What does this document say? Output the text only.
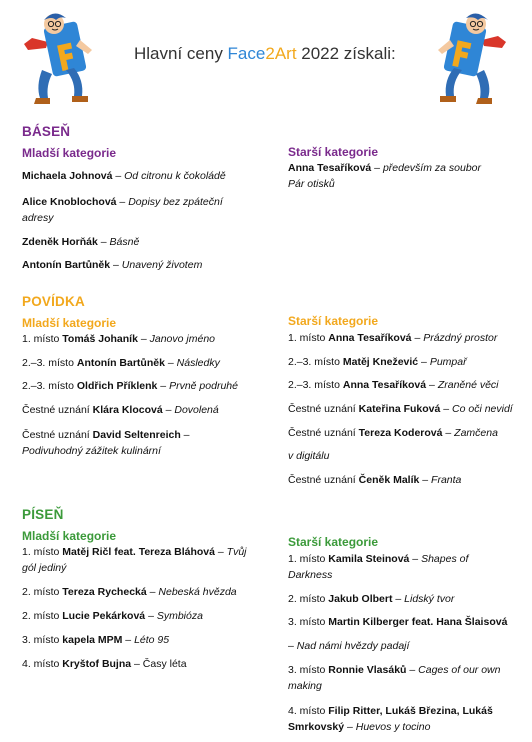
Hlavní ceny Face2Art 2022 získali:
BÁSEŇ
Mladší kategorie	Starší kategorie
Michaela Johnová – Od citronu k čokoládě
Alice Knoblochová – Dopisy bez zpáteční adresy
Zdeněk Horňák – Básně
Antonín Bartůněk – Unavený životem
Anna Tesaříková – především za soubor Pár otisků
POVÍDKA
Mladší kategorie	Starší kategorie
1. místo Tomáš Johaník – Janovo jméno
2.–3. místo Antonín Bartůněk – Následky
2.–3. místo Oldřich Příklenk – Prvně podruhé
Čestné uznání Klára Klocová – Dovolená
Čestné uznání David Seltenreich – Podivuhodný zážitek kulinární
1. místo Anna Tesaříková – Prázdný prostor
2.–3. místo Matěj Knežević – Pumpař
2.–3. místo Anna Tesaříková – Zraněné věci
Čestné uznání Kateřina Fuková – Co oči nevidí
Čestné uznání Tereza Koderová – Zamčena
v digitálu
Čestné uznání Čeněk Malík – Franta
PÍSEŇ
Mladší kategorie	Starší kategorie
1. místo Matěj Ričl feat. Tereza Bláhová – Tvůj gól jediný
2. místo Tereza Rychecká – Nebeská hvězda
2. místo Lucie Pekárková – Symbióza
3. místo kapela MPM – Léto 95
4. místo Kryštof Bujna – Časy léta
1. místo Kamila Steinová – Shapes of Darkness
2. místo Jakub Olbert – Lidský tvor
3. místo Martin Kilberger feat. Hana Šlaisová
– Nad námi hvězdy padají
3. místo Ronnie Vlasáků – Cages of our own making
4. místo Filip Ritter, Lukáš Březina, Lukáš Smrkovský – Huevos y tocino
